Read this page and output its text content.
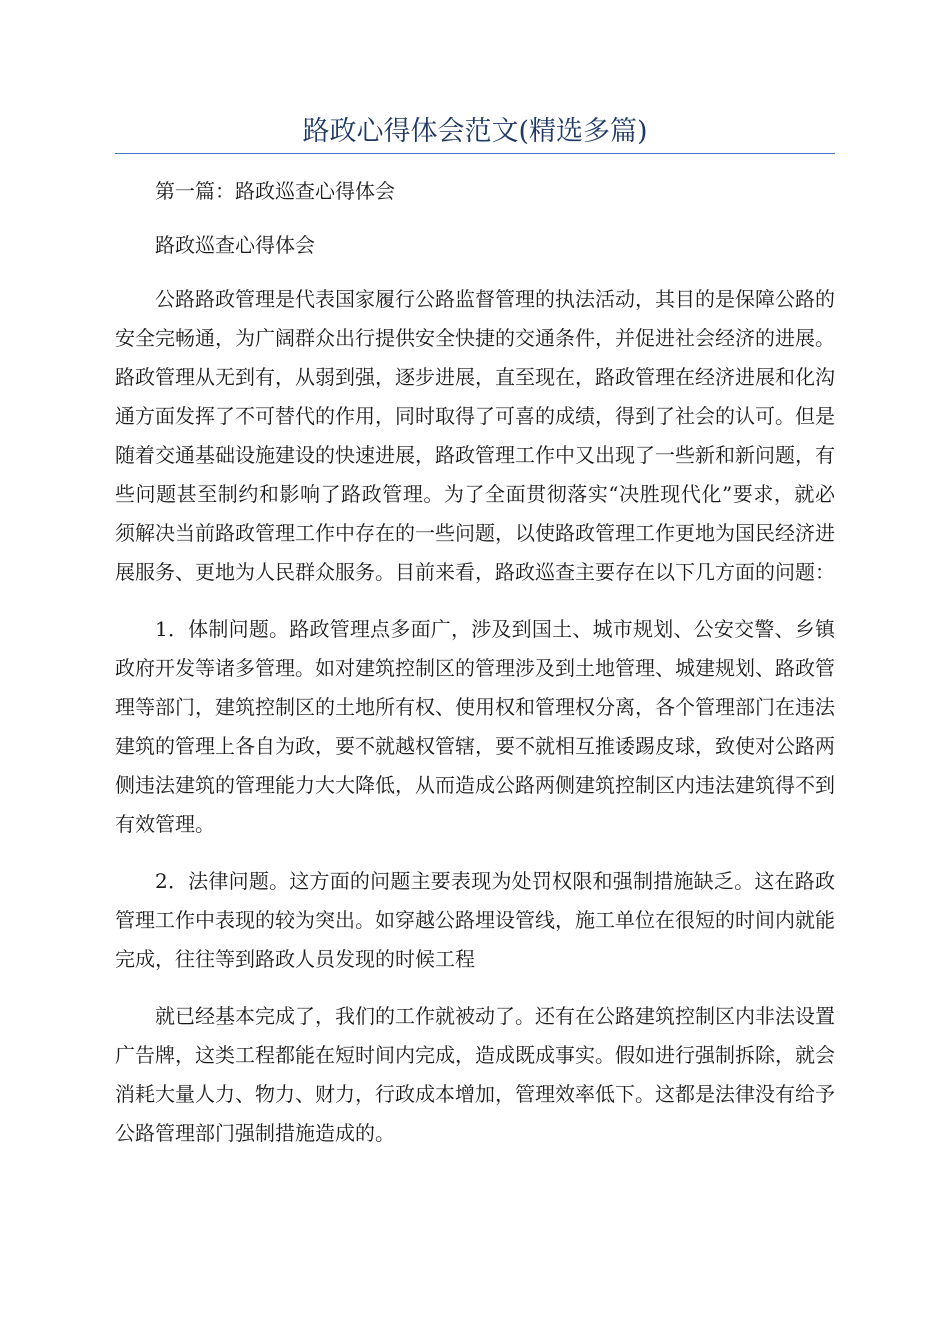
路政心得体会范文(精选多篇)

第一篇：路政巡查心得体会

路政巡查心得体会

公路路政管理是代表国家履行公路监督管理的执法活动，其目的是保障公路的安全完畅通，为广阔群众出行提供安全快捷的交通条件，并促进社会经济的进展。路政管理从无到有，从弱到强，逐步进展，直至现在，路政管理在经济进展和化沟通方面发挥了不可替代的作用，同时取得了可喜的成绩，得到了社会的认可。但是随着交通基础设施建设的快速进展，路政管理工作中又出现了一些新和新问题，有些问题甚至制约和影响了路政管理。为了全面贯彻落实“决胜现代化”要求，就必须解决当前路政管理工作中存在的一些问题，以使路政管理工作更地为国民经济进展服务、更地为人民群众服务。目前来看，路政巡查主要存在以下几方面的问题：

1．体制问题。路政管理点多面广，涉及到国土、城市规划、公安交警、乡镇政府开发等诸多管理。如对建筑控制区的管理涉及到土地管理、城建规划、路政管理等部门，建筑控制区的土地所有权、使用权和管理权分离，各个管理部门在违法建筑的管理上各自为政，要不就越权管辖，要不就相互推诿踢皮球，致使对公路两侧违法建筑的管理能力大大降低，从而造成公路两侧建筑控制区内违法建筑得不到有效管理。

2．法律问题。这方面的问题主要表现为处罚权限和强制措施缺乏。这在路政管理工作中表现的较为突出。如穿越公路埋设管线，施工单位在很短的时间内就能完成，往往等到路政人员发现的时候工程

就已经基本完成了，我们的工作就被动了。还有在公路建筑控制区内非法设置广告牌，这类工程都能在短时间内完成，造成既成事实。假如进行强制拆除，就会消耗大量人力、物力、财力，行政成本增加，管理效率低下。这都是法律没有给予公路管理部门强制措施造成的。
